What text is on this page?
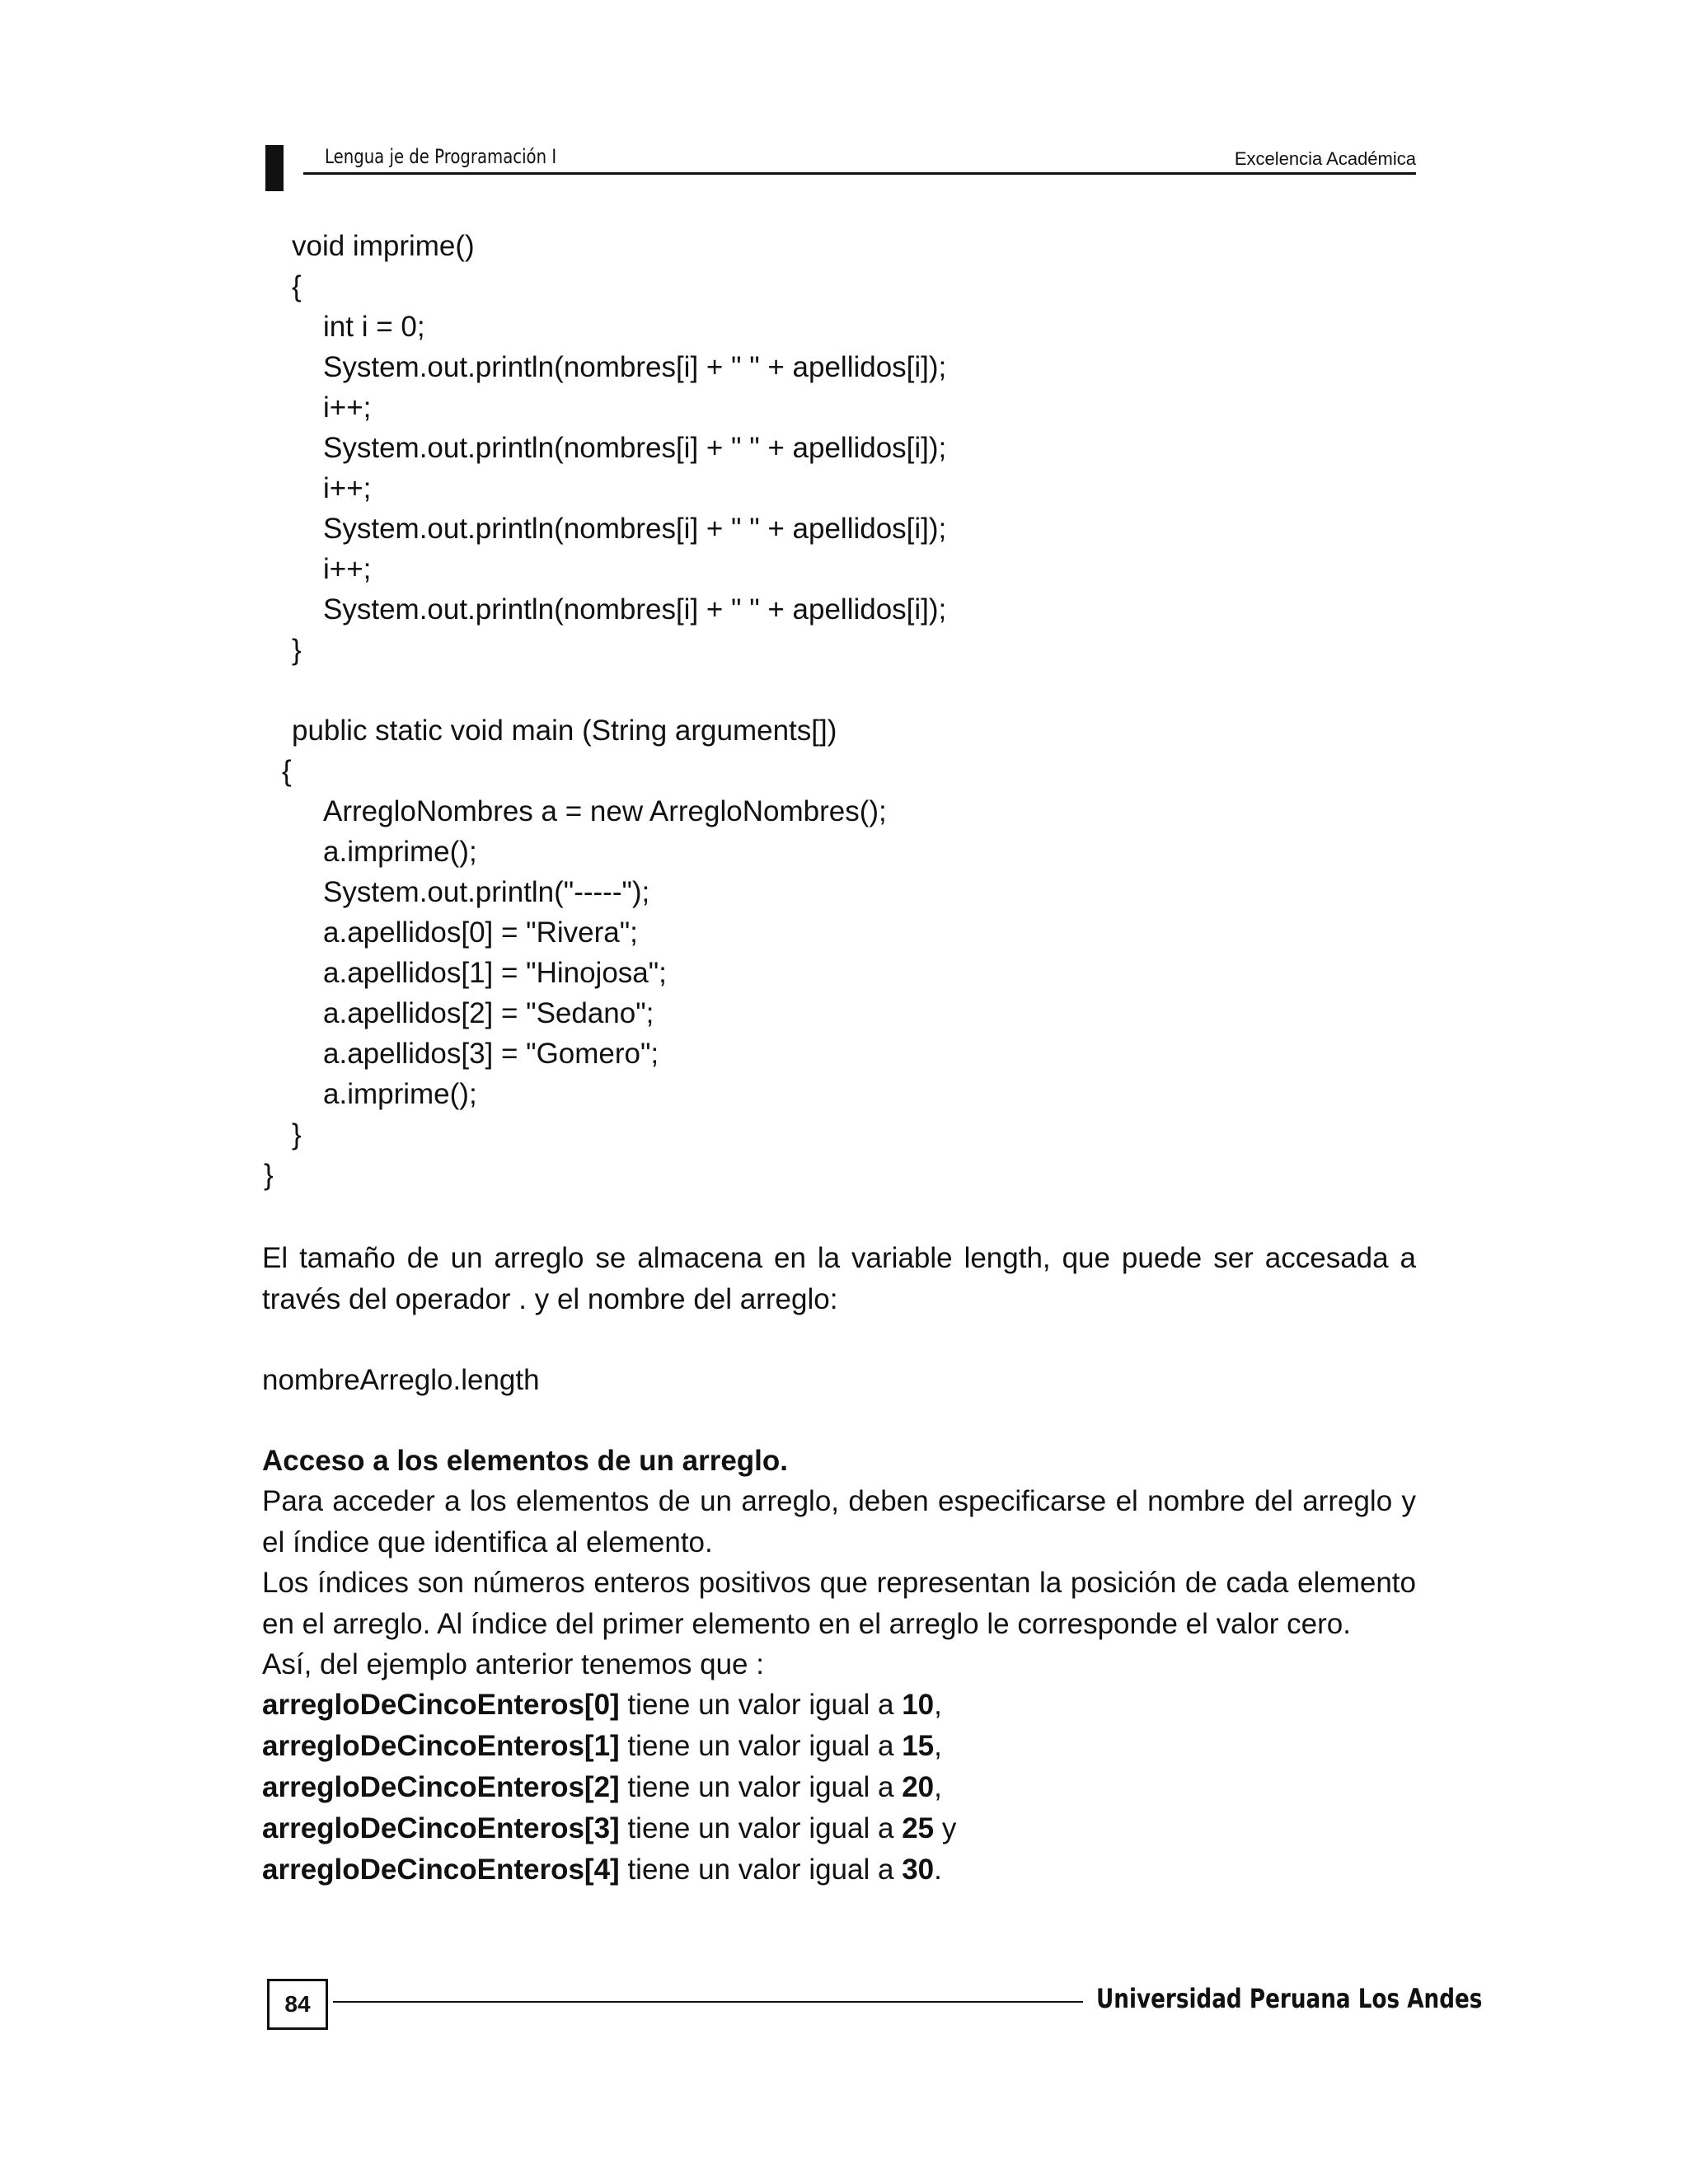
Lengua je de Programación I	Excelencia Académica
void imprime()
{
int i = 0;
System.out.println(nombres[i] + " " + apellidos[i]);
i++;
System.out.println(nombres[i] + " " + apellidos[i]);
i++;
System.out.println(nombres[i] + " " + apellidos[i]);
i++;
System.out.println(nombres[i] + " " + apellidos[i]);
}
public static void main (String arguments[])
{
ArregloNombres a = new ArregloNombres();
a.imprime();
System.out.println("-----");
a.apellidos[0] = "Rivera";
a.apellidos[1] = "Hinojosa";
a.apellidos[2] = "Sedano";
a.apellidos[3] = "Gomero";
a.imprime();
}
}
El tamaño de un arreglo se almacena en la variable length, que puede ser accesada a través del operador . y el nombre del arreglo:
nombreArreglo.length
Acceso a los elementos de un arreglo.
Para acceder a los elementos de un arreglo, deben especificarse el nombre del arreglo y el índice que identifica al elemento.
Los índices son números enteros positivos que representan la posición de cada elemento en el arreglo. Al índice del primer elemento en el arreglo le corresponde el valor cero.
Así, del ejemplo anterior tenemos que :
arregloDeCincoEnteros[0] tiene un valor igual a 10,
arregloDeCincoEnteros[1] tiene un valor igual a 15,
arregloDeCincoEnteros[2] tiene un valor igual a 20,
arregloDeCincoEnteros[3] tiene un valor igual a 25 y
arregloDeCincoEnteros[4] tiene un valor igual a 30.
84	Universidad Peruana Los Andes
